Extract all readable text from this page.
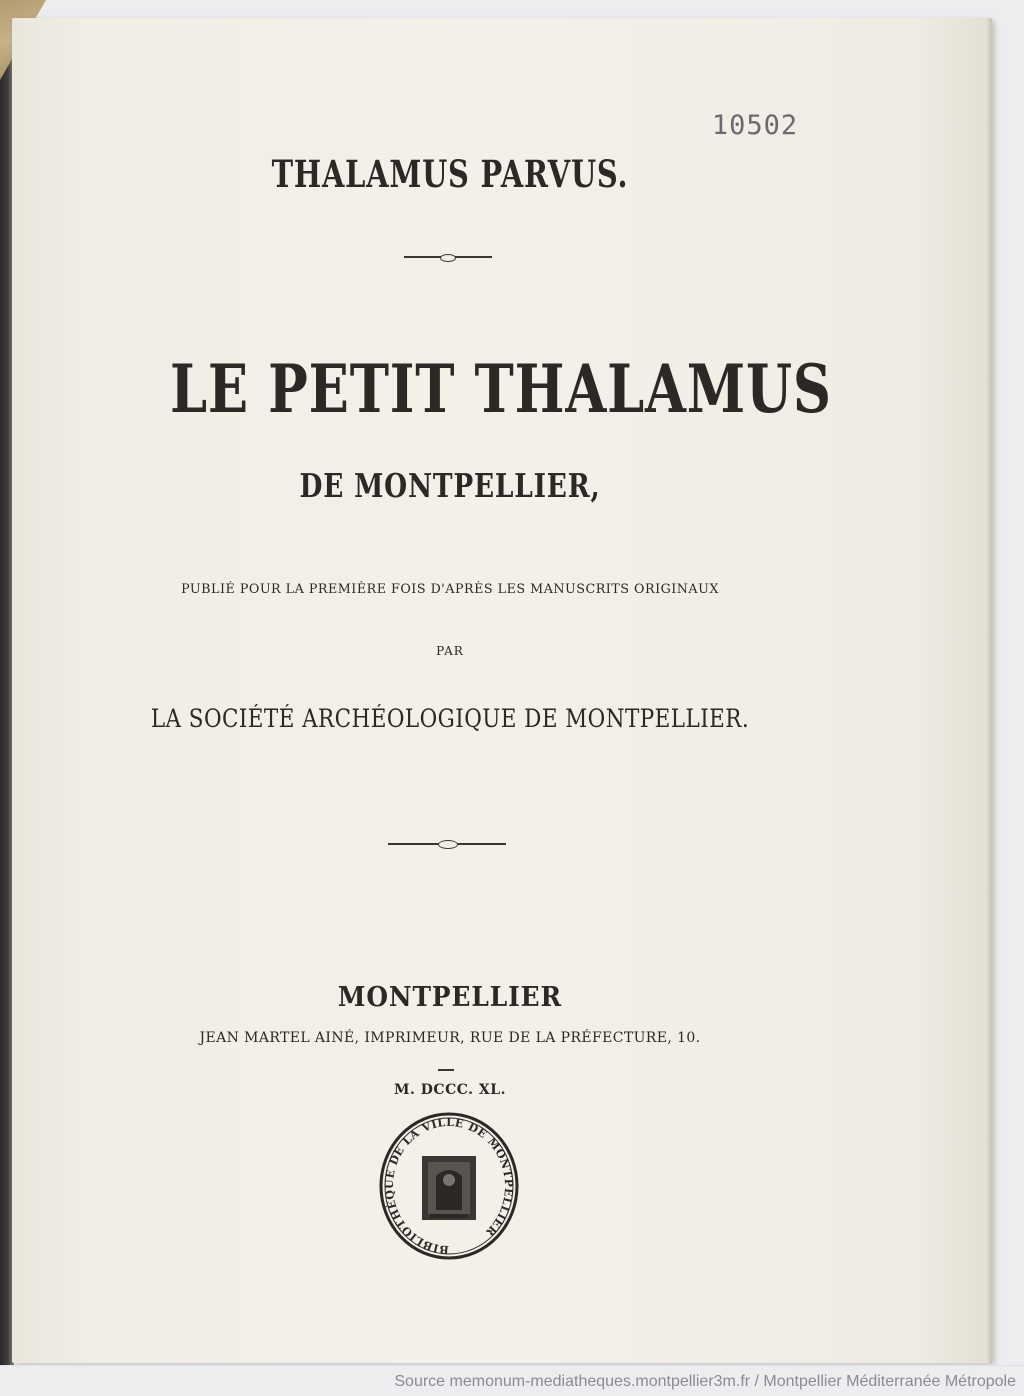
10502
THALAMUS PARVUS.
LE PETIT THALAMUS
DE MONTPELLIER,
PUBLIÉ POUR LA PREMIÈRE FOIS D'APRÈS LES MANUSCRITS ORIGINAUX
PAR
LA SOCIÉTÉ ARCHÉOLOGIQUE DE MONTPELLIER.
MONTPELLIER
JEAN MARTEL AINÉ, IMPRIMEUR, RUE DE LA PRÉFECTURE, 10.
M. DCCC. XL.
BIBLIOTHÈQUE DE LA VILLE DE MONTPELLIER
Source memonum-mediatheques.montpellier3m.fr / Montpellier Méditerranée Métropole
